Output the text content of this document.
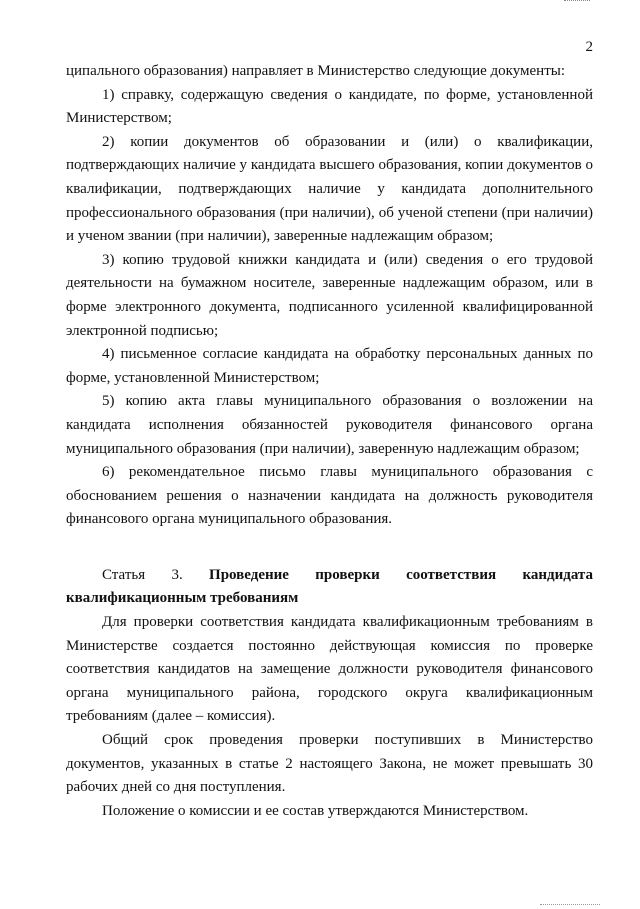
2

ципального образования) направляет в Министерство следующие документы:

1) справку, содержащую сведения о кандидате, по форме, установленной Министерством;

2) копии документов об образовании и (или) о квалификации, подтверждающих наличие у кандидата высшего образования, копии документов о квалификации, подтверждающих наличие у кандидата дополнительного профессионального образования (при наличии), об ученой степени (при наличии) и ученом звании (при наличии), заверенные надлежащим образом;

3) копию трудовой книжки кандидата и (или) сведения о его трудовой деятельности на бумажном носителе, заверенные надлежащим образом, или в форме электронного документа, подписанного усиленной квалифицированной электронной подписью;

4) письменное согласие кандидата на обработку персональных данных по форме, установленной Министерством;

5) копию акта главы муниципального образования о возложении на кандидата исполнения обязанностей руководителя финансового органа муниципального образования (при наличии), заверенную надлежащим образом;

6) рекомендательное письмо главы муниципального образования с обоснованием решения о назначении кандидата на должность руководителя финансового органа муниципального образования.

Статья 3. Проведение проверки соответствия кандидата квалификационным требованиям

Для проверки соответствия кандидата квалификационным требованиям в Министерстве создается постоянно действующая комиссия по проверке соответствия кандидатов на замещение должности руководителя финансового органа муниципального района, городского округа квалификационным требованиям (далее – комиссия).

Общий срок проведения проверки поступивших в Министерство документов, указанных в статье 2 настоящего Закона, не может превышать 30 рабочих дней со дня поступления.

Положение о комиссии и ее состав утверждаются Министерством.
